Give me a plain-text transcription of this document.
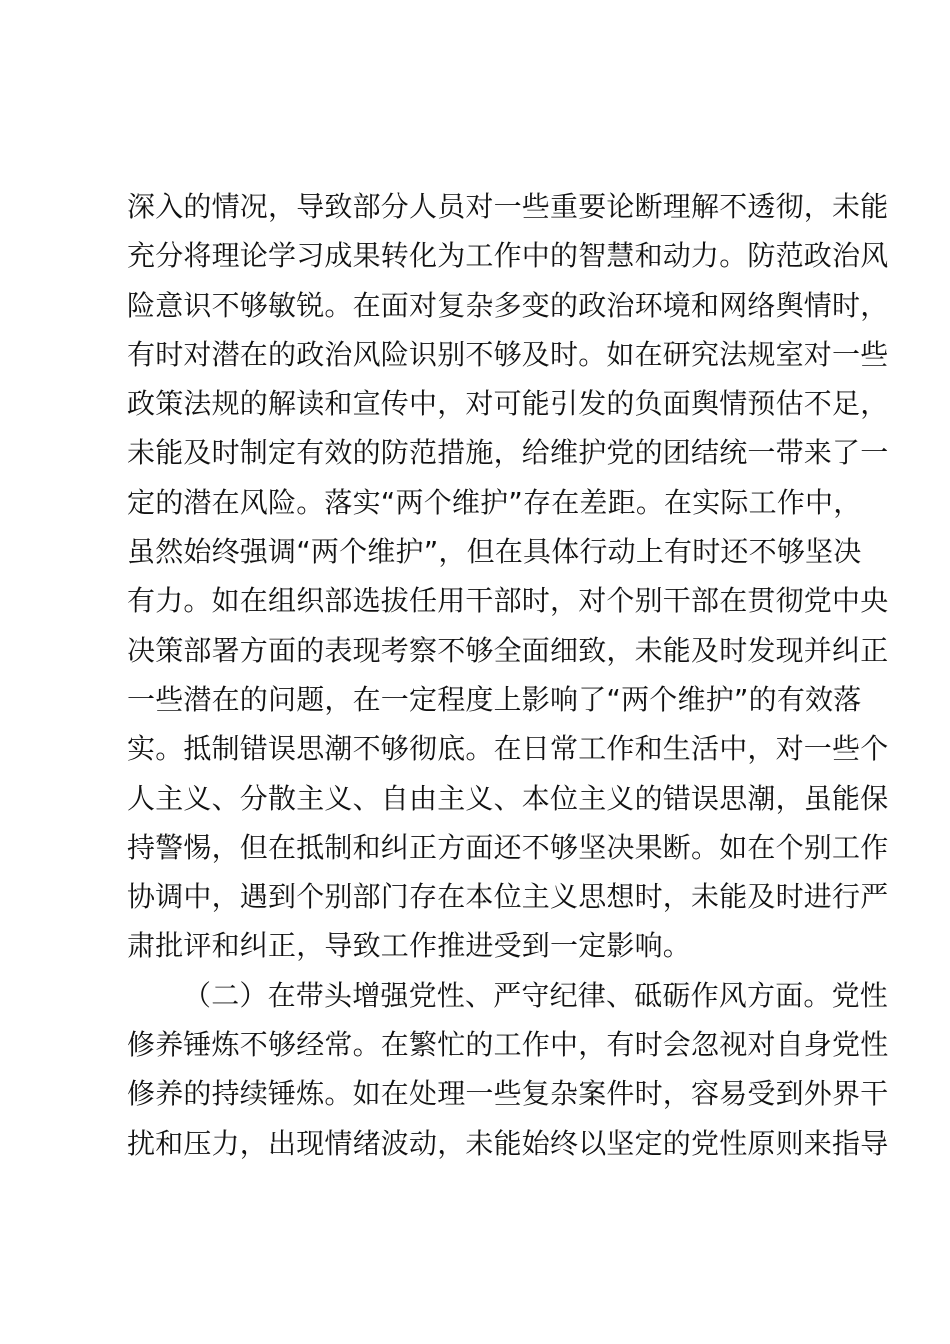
深入的情况，导致部分人员对一些重要论断理解不透彻，未能
充分将理论学习成果转化为工作中的智慧和动力。防范政治风
险意识不够敏锐。在面对复杂多变的政治环境和网络舆情时，
有时对潜在的政治风险识别不够及时。如在研究法规室对一些
政策法规的解读和宣传中，对可能引发的负面舆情预估不足，
未能及时制定有效的防范措施，给维护党的团结统一带来了一
定的潜在风险。落实“两个维护”存在差距。在实际工作中，
虽然始终强调“两个维护”，但在具体行动上有时还不够坚决
有力。如在组织部选拔任用干部时，对个别干部在贯彻党中央
决策部署方面的表现考察不够全面细致，未能及时发现并纠正
一些潜在的问题，在一定程度上影响了“两个维护”的有效落
实。抵制错误思潮不够彻底。在日常工作和生活中，对一些个
人主义、分散主义、自由主义、本位主义的错误思潮，虽能保
持警惕，但在抵制和纠正方面还不够坚决果断。如在个别工作
协调中，遇到个别部门存在本位主义思想时，未能及时进行严
肃批评和纠正，导致工作推进受到一定影响。
（二）在带头增强党性、严守纪律、砥砺作风方面。党性
修养锤炼不够经常。在繁忙的工作中，有时会忽视对自身党性
修养的持续锤炼。如在处理一些复杂案件时，容易受到外界干
扰和压力，出现情绪波动，未能始终以坚定的党性原则来指导
